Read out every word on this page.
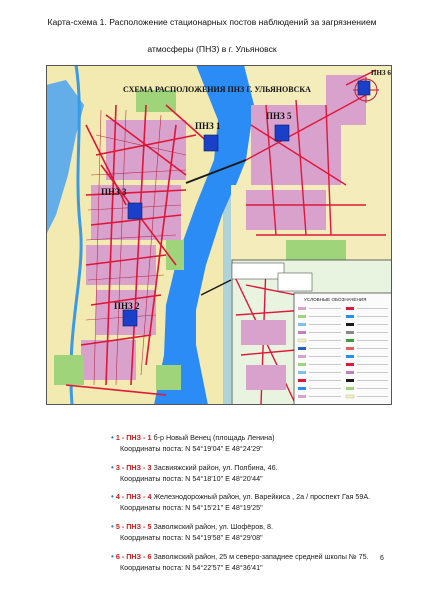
Карта-схема 1. Расположение стационарных постов наблюдений за загрязнением
атмосферы (ПНЗ) в г. Ульяновск
УСЛОВНЫЕ ОБОЗНАЧЕНИЯ
СХЕМА РАСПОЛОЖЕНИЯ ПНЗ Г. УЛЬЯНОВСКА
ПНЗ 1
ПНЗ 3
ПНЗ 2
ПНЗ 5
ПНЗ 6
• 1 - ПНЗ - 1 б-р Новый Венец (площадь Ленина)
Координаты поста: N 54°19'04" E 48°24'29"
• 3 - ПНЗ - 3 Засвияжский район, ул. Полбина, 46.
Координаты поста: N 54°18'10" E 48°20'44"
• 4 - ПНЗ - 4 Железнодорожный район, ул. Варейкиса , 2а / проспект Гая 59А.
Координаты поста: N 54°15'21" E 48°19'25"
• 5 - ПНЗ - 5 Заволжский район, ул. Шофёров, 8.
Координаты поста: N 54°19'58" E 48°29'08"
• 6 - ПНЗ - 6 Заволжский район, 25 м северо-западнее средней школы № 75.
Координаты поста: N 54°22'57" E 48°36'41"
6
